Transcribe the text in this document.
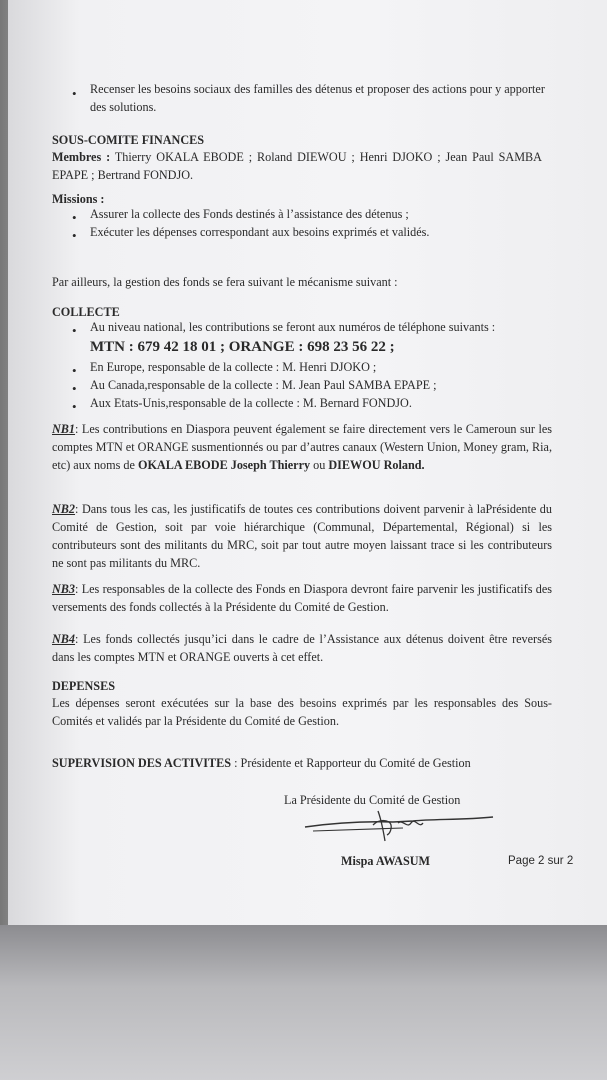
• Recenser les besoins sociaux des familles des détenus et proposer des actions pour y apporter des solutions.
SOUS-COMITE FINANCES
Membres : Thierry OKALA EBODE ; Roland DIEWOU ; Henri DJOKO ; Jean Paul SAMBA EPAPE ; Bertrand FONDJO.
Missions :
• Assurer la collecte des Fonds destinés à l’assistance des détenus ;
• Exécuter les dépenses correspondant aux besoins exprimés et validés.
Par ailleurs, la gestion des fonds se fera suivant le mécanisme suivant :
COLLECTE
• Au niveau national, les contributions se feront aux numéros de téléphone suivants :
MTN : 679 42 18 01 ; ORANGE : 698 23 56 22 ;
• En Europe, responsable de la collecte : M. Henri DJOKO ;
• Au Canada,responsable de la collecte : M. Jean Paul SAMBA EPAPE ;
• Aux Etats-Unis,responsable de la collecte : M. Bernard FONDJO.
NB1: Les contributions en Diaspora peuvent également se faire directement vers le Cameroun sur les comptes MTN et ORANGE susmentionnés ou par d’autres canaux (Western Union, Money gram, Ria, etc) aux noms de OKALA EBODE Joseph Thierry ou DIEWOU Roland.
NB2: Dans tous les cas, les justificatifs de toutes ces contributions doivent parvenir à laPrésidente du Comité de Gestion, soit par voie hiérarchique (Communal, Départemental, Régional) si les contributeurs sont des militants du MRC, soit par tout autre moyen laissant trace si les contributeurs ne sont pas militants du MRC.
NB3: Les responsables de la collecte des Fonds en Diaspora devront faire parvenir les justificatifs des versements des fonds collectés à la Présidente du Comité de Gestion.
NB4: Les fonds collectés jusqu’ici dans le cadre de l’Assistance aux détenus doivent être reversés dans les comptes MTN et ORANGE ouverts à cet effet.
DEPENSES
Les dépenses seront exécutées sur la base des besoins exprimés par les responsables des Sous-Comités et validés par la Présidente du Comité de Gestion.
SUPERVISION DES ACTIVITES : Présidente et Rapporteur du Comité de Gestion
La Présidente du Comité de Gestion
Mispa AWASUM	Page 2 sur 2
